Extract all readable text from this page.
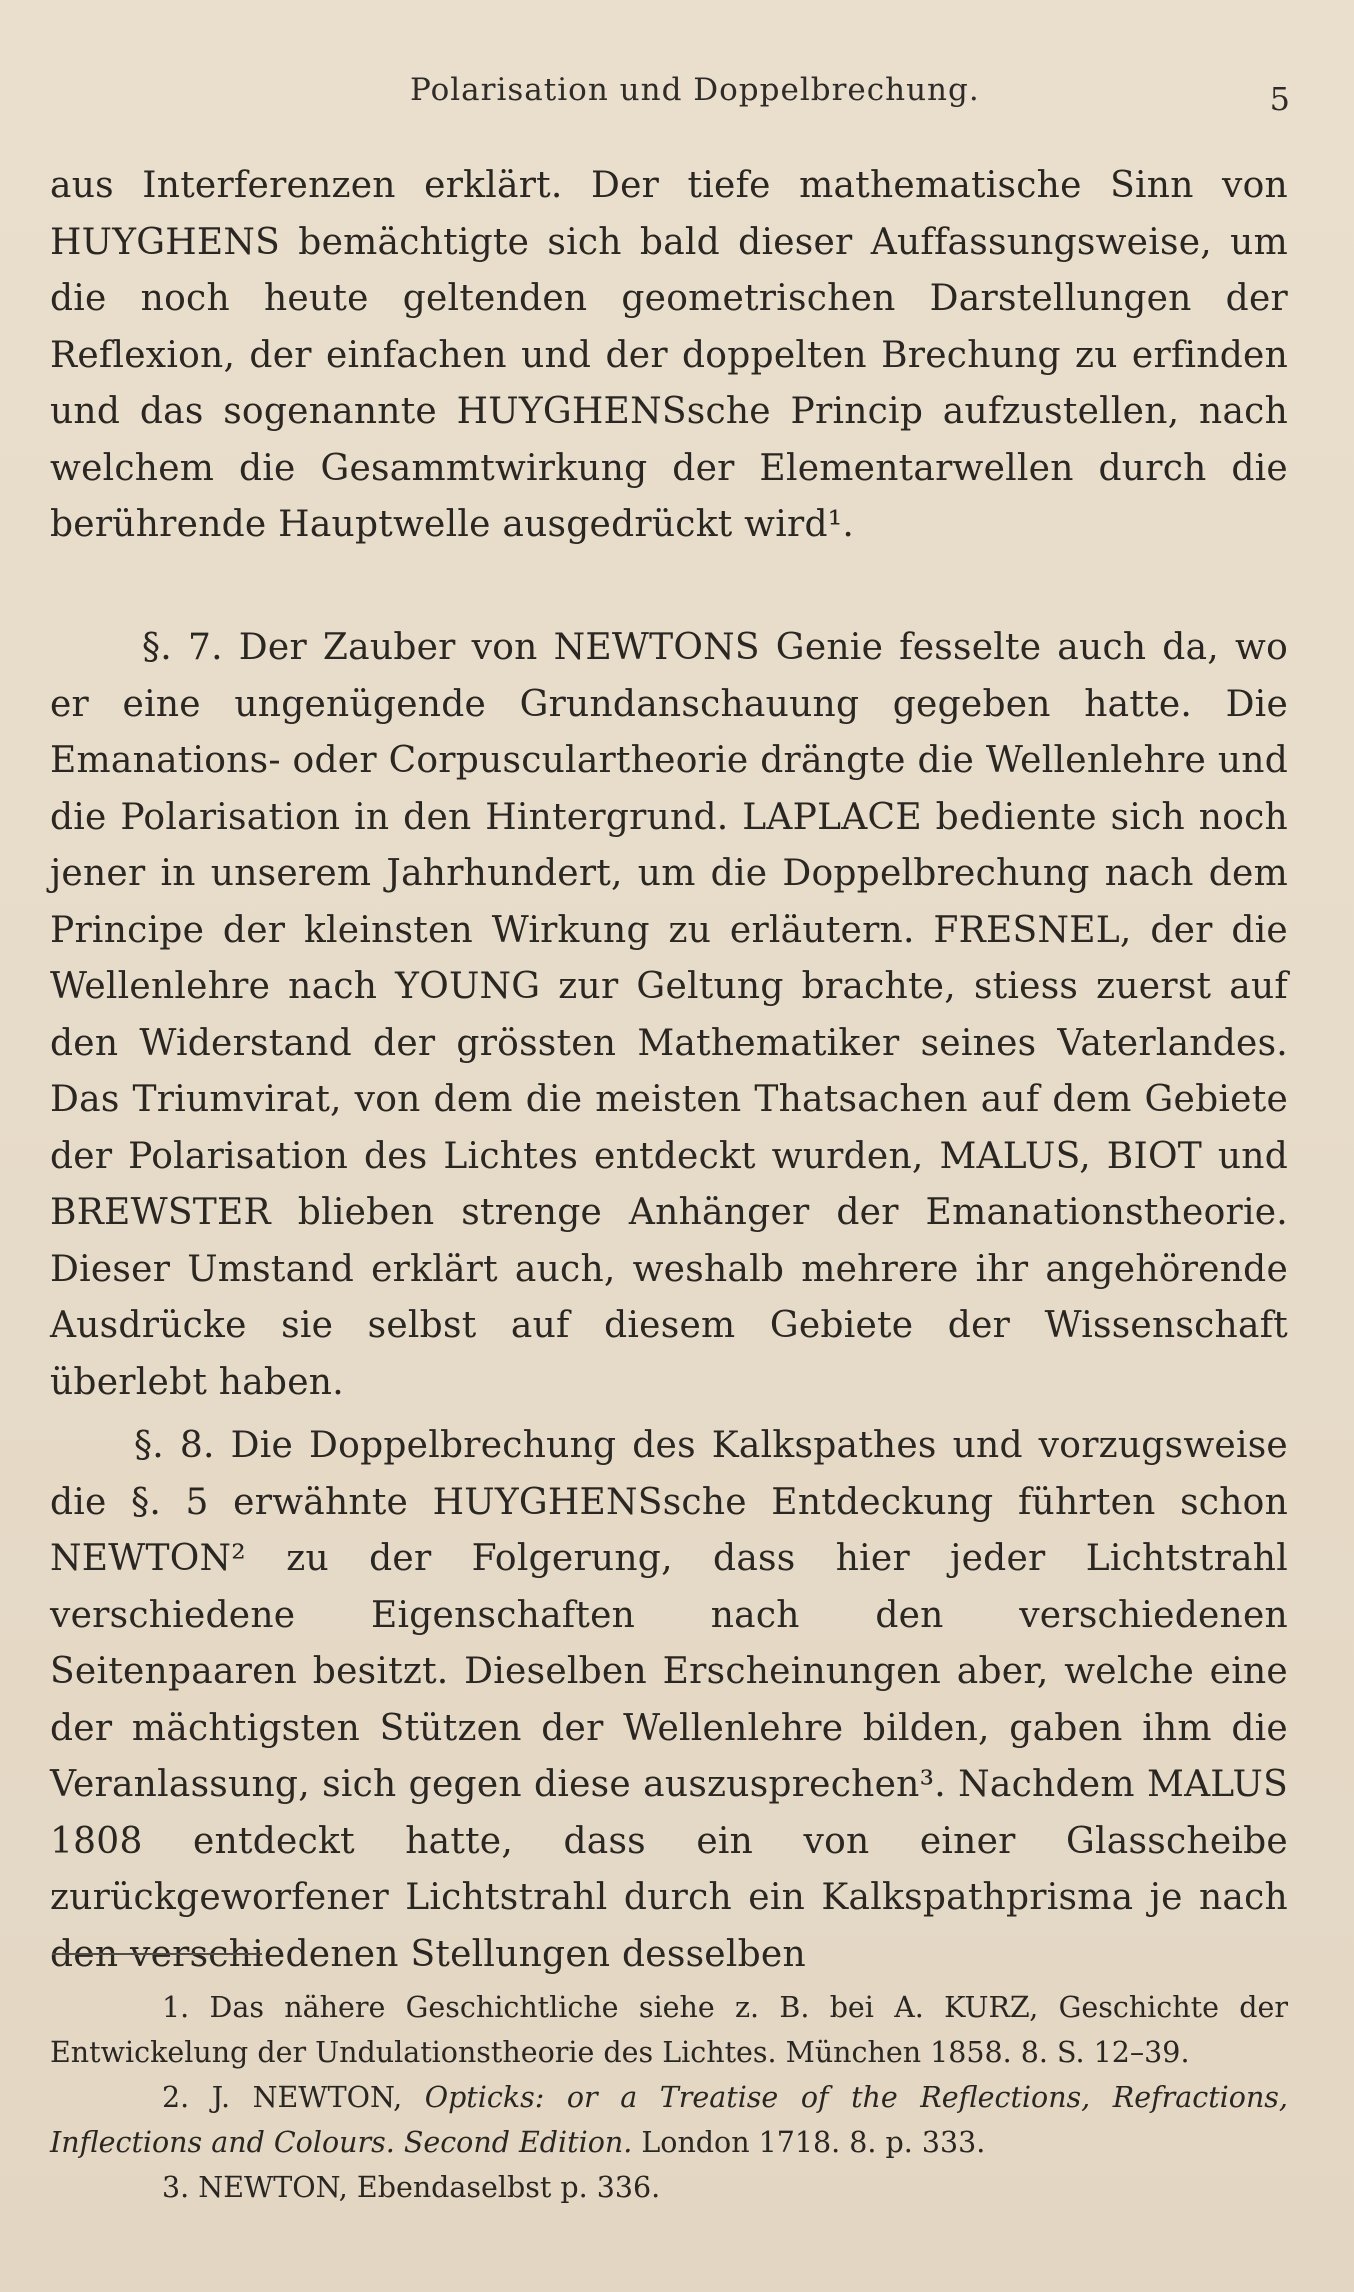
Polarisation und Doppelbrechung.	5
aus Interferenzen erklärt. Der tiefe mathematische Sinn von HUYGHENS bemächtigte sich bald dieser Auffassungsweise, um die noch heute geltenden geometrischen Darstellungen der Reflexion, der einfachen und der doppelten Brechung zu erfinden und das sogenannte HUYGHENSsche Princip aufzustellen, nach welchem die Gesammtwirkung der Elementarwellen durch die berührende Hauptwelle ausgedrückt wird¹.
§. 7. Der Zauber von NEWTONS Genie fesselte auch da, wo er eine ungenügende Grundanschauung gegeben hatte. Die Emanations- oder Corpusculartheorie drängte die Wellenlehre und die Polarisation in den Hintergrund. LAPLACE bediente sich noch jener in unserem Jahrhundert, um die Doppelbrechung nach dem Principe der kleinsten Wirkung zu erläutern. FRESNEL, der die Wellenlehre nach YOUNG zur Geltung brachte, stiess zuerst auf den Widerstand der grössten Mathematiker seines Vaterlandes. Das Triumvirat, von dem die meisten Thatsachen auf dem Gebiete der Polarisation des Lichtes entdeckt wurden, MALUS, BIOT und BREWSTER blieben strenge Anhänger der Emanationstheorie. Dieser Umstand erklärt auch, weshalb mehrere ihr angehörende Ausdrücke sie selbst auf diesem Gebiete der Wissenschaft überlebt haben.
§. 8. Die Doppelbrechung des Kalkspathes und vorzugsweise die §. 5 erwähnte HUYGHENSsche Entdeckung führten schon NEWTON² zu der Folgerung, dass hier jeder Lichtstrahl verschiedene Eigenschaften nach den verschiedenen Seitenpaaren besitzt. Dieselben Erscheinungen aber, welche eine der mächtigsten Stützen der Wellenlehre bilden, gaben ihm die Veranlassung, sich gegen diese auszusprechen³. Nachdem MALUS 1808 entdeckt hatte, dass ein von einer Glasscheibe zurückgeworfener Lichtstrahl durch ein Kalkspathprisma je nach den verschiedenen Stellungen desselben
1. Das nähere Geschichtliche siehe z. B. bei A. KURZ, Geschichte der Entwickelung der Undulationstheorie des Lichtes. München 1858. 8. S. 12–39.
2. J. NEWTON, Opticks: or a Treatise of the Reflections, Refractions, Inflections and Colours. Second Edition. London 1718. 8. p. 333.
3. NEWTON, Ebendaselbst p. 336.
